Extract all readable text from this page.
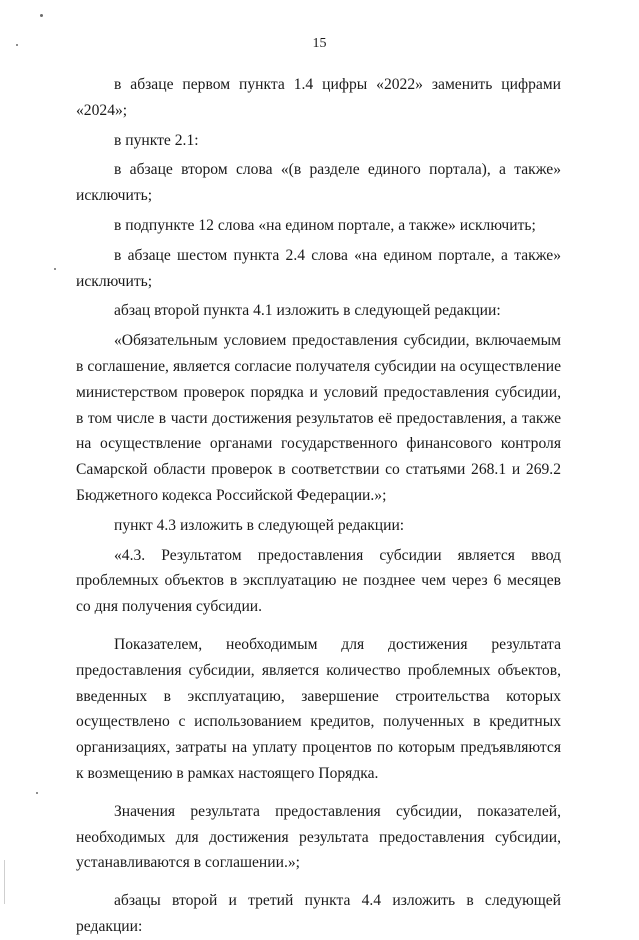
15

в абзаце первом пункта 1.4 цифры «2022» заменить цифрами «2024»;

в пункте 2.1:

в абзаце втором слова «(в разделе единого портала), а также» исключить;

в подпункте 12 слова «на едином портале, а также» исключить;

в абзаце шестом пункта 2.4 слова «на едином портале, а также» исключить;

абзац второй пункта 4.1 изложить в следующей редакции:

«Обязательным условием предоставления субсидии, включаемым в соглашение, является согласие получателя субсидии на осуществление министерством проверок порядка и условий предоставления субсидии, в том числе в части достижения результатов её предоставления, а также на осуществление органами государственного финансового контроля Самарской области проверок в соответствии со статьями 268.1 и 269.2 Бюджетного кодекса Российской Федерации.»;

пункт 4.3 изложить в следующей редакции:

«4.3. Результатом предоставления субсидии является ввод проблемных объектов в эксплуатацию не позднее чем через 6 месяцев со дня получения субсидии.

Показателем, необходимым для достижения результата предоставления субсидии, является количество проблемных объектов, введенных в эксплуатацию, завершение строительства которых осуществлено с использованием кредитов, полученных в кредитных организациях, затраты на уплату процентов по которым предъявляются к возмещению в рамках настоящего Порядка.

Значения результата предоставления субсидии, показателей, необходимых для достижения результата предоставления субсидии, устанавливаются в соглашении.»;

абзацы второй и третий пункта 4.4 изложить в следующей редакции:
